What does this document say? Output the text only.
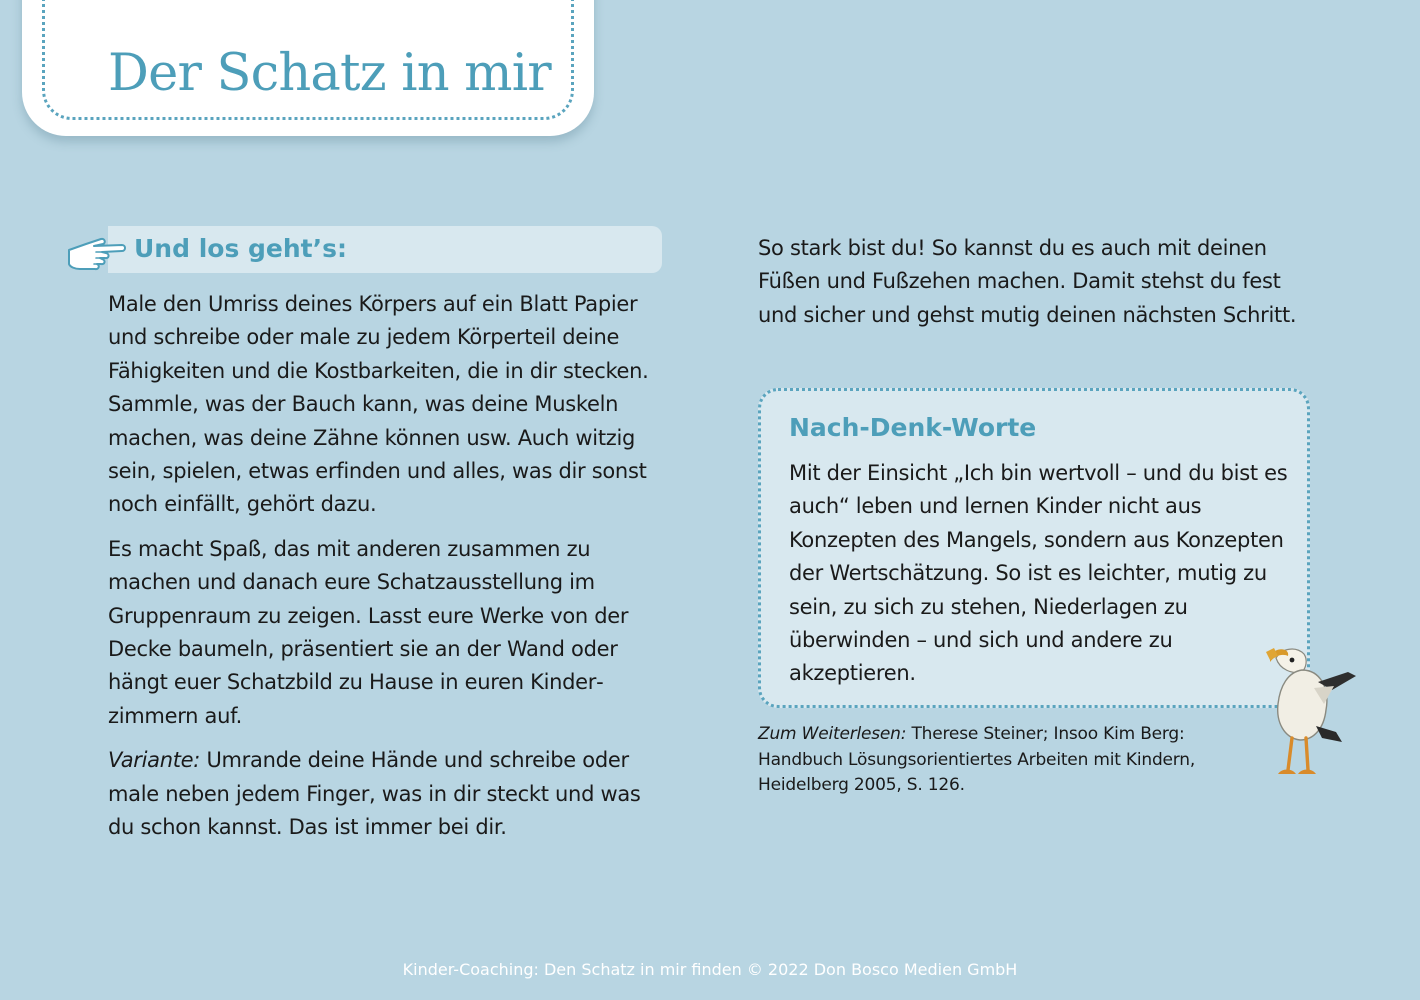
Der Schatz in mir
Und los geht’s:

Male den Umriss deines Körpers auf ein Blatt Papier und schreibe oder male zu jedem Körperteil deine Fähigkeiten und die Kostbarkeiten, die in dir stecken. Sammle, was der Bauch kann, was deine Muskeln machen, was deine Zähne können usw. Auch witzig sein, spielen, etwas erfinden und alles, was dir sonst noch einfällt, gehört dazu.

Es macht Spaß, das mit anderen zusammen zu machen und danach eure Schatzausstellung im Gruppenraum zu zeigen. Lasst eure Werke von der Decke baumeln, präsentiert sie an der Wand oder hängt euer Schatzbild zu Hause in euren Kinderzimmern auf.

Variante: Umrande deine Hände und schreibe oder male neben jedem Finger, was in dir steckt und was du schon kannst. Das ist immer bei dir.

So stark bist du! So kannst du es auch mit deinen Füßen und Fußzehen machen. Damit stehst du fest und sicher und gehst mutig deinen nächsten Schritt.

Nach-Denk-Worte

Mit der Einsicht „Ich bin wertvoll – und du bist es auch“ leben und lernen Kinder nicht aus Konzepten des Mangels, sondern aus Konzepten der Wertschätzung. So ist es leichter, mutig zu sein, zu sich zu stehen, Niederlagen zu überwinden – und sich und andere zu akzeptieren.

Zum Weiterlesen: Therese Steiner; Insoo Kim Berg: Handbuch Lösungsorientiertes Arbeiten mit Kindern, Heidelberg 2005, S. 126.

Kinder-Coaching: Den Schatz in mir finden © 2022 Don Bosco Medien GmbH
